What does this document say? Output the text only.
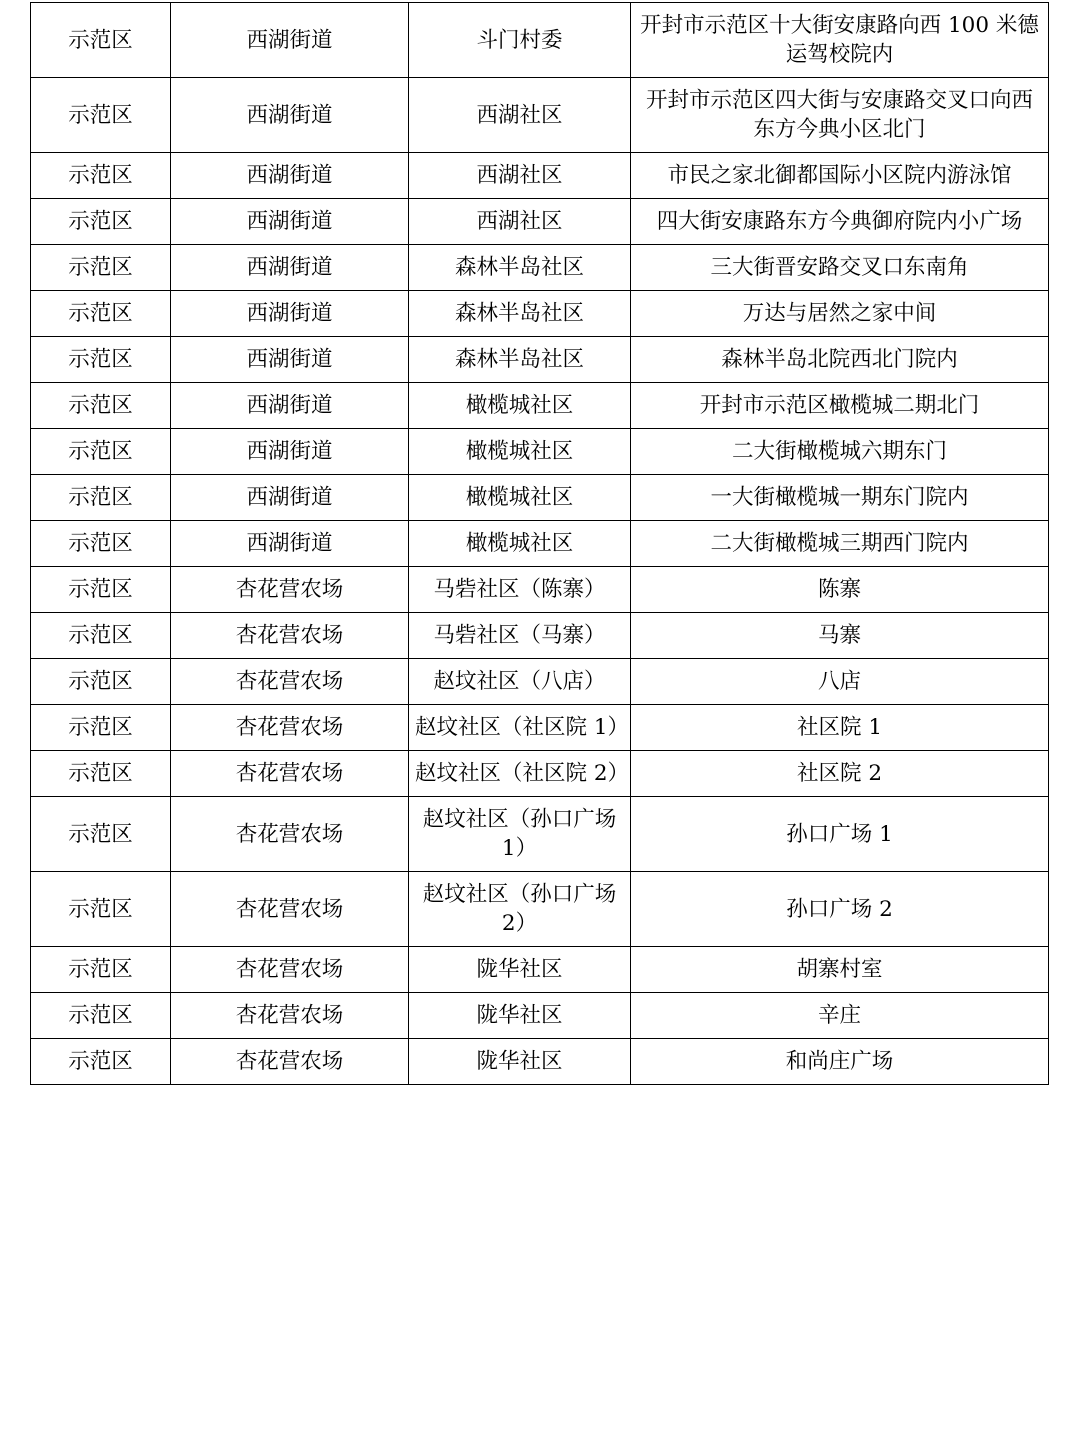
示范区	西湖街道	斗门村委	开封市示范区十大街安康路向西 100 米德运驾校院内
示范区	西湖街道	西湖社区	开封市示范区四大街与安康路交叉口向西东方今典小区北门
示范区	西湖街道	西湖社区	市民之家北御都国际小区院内游泳馆
示范区	西湖街道	西湖社区	四大街安康路东方今典御府院内小广场
示范区	西湖街道	森林半岛社区	三大街晋安路交叉口东南角
示范区	西湖街道	森林半岛社区	万达与居然之家中间
示范区	西湖街道	森林半岛社区	森林半岛北院西北门院内
示范区	西湖街道	橄榄城社区	开封市示范区橄榄城二期北门
示范区	西湖街道	橄榄城社区	二大街橄榄城六期东门
示范区	西湖街道	橄榄城社区	一大街橄榄城一期东门院内
示范区	西湖街道	橄榄城社区	二大街橄榄城三期西门院内
示范区	杏花营农场	马砦社区（陈寨）	陈寨
示范区	杏花营农场	马砦社区（马寨）	马寨
示范区	杏花营农场	赵坟社区（八店）	八店
示范区	杏花营农场	赵坟社区（社区院 1）	社区院 1
示范区	杏花营农场	赵坟社区（社区院 2）	社区院 2
示范区	杏花营农场	赵坟社区（孙口广场 1）	孙口广场 1
示范区	杏花营农场	赵坟社区（孙口广场 2）	孙口广场 2
示范区	杏花营农场	陇华社区	胡寨村室
示范区	杏花营农场	陇华社区	辛庄
示范区	杏花营农场	陇华社区	和尚庄广场
